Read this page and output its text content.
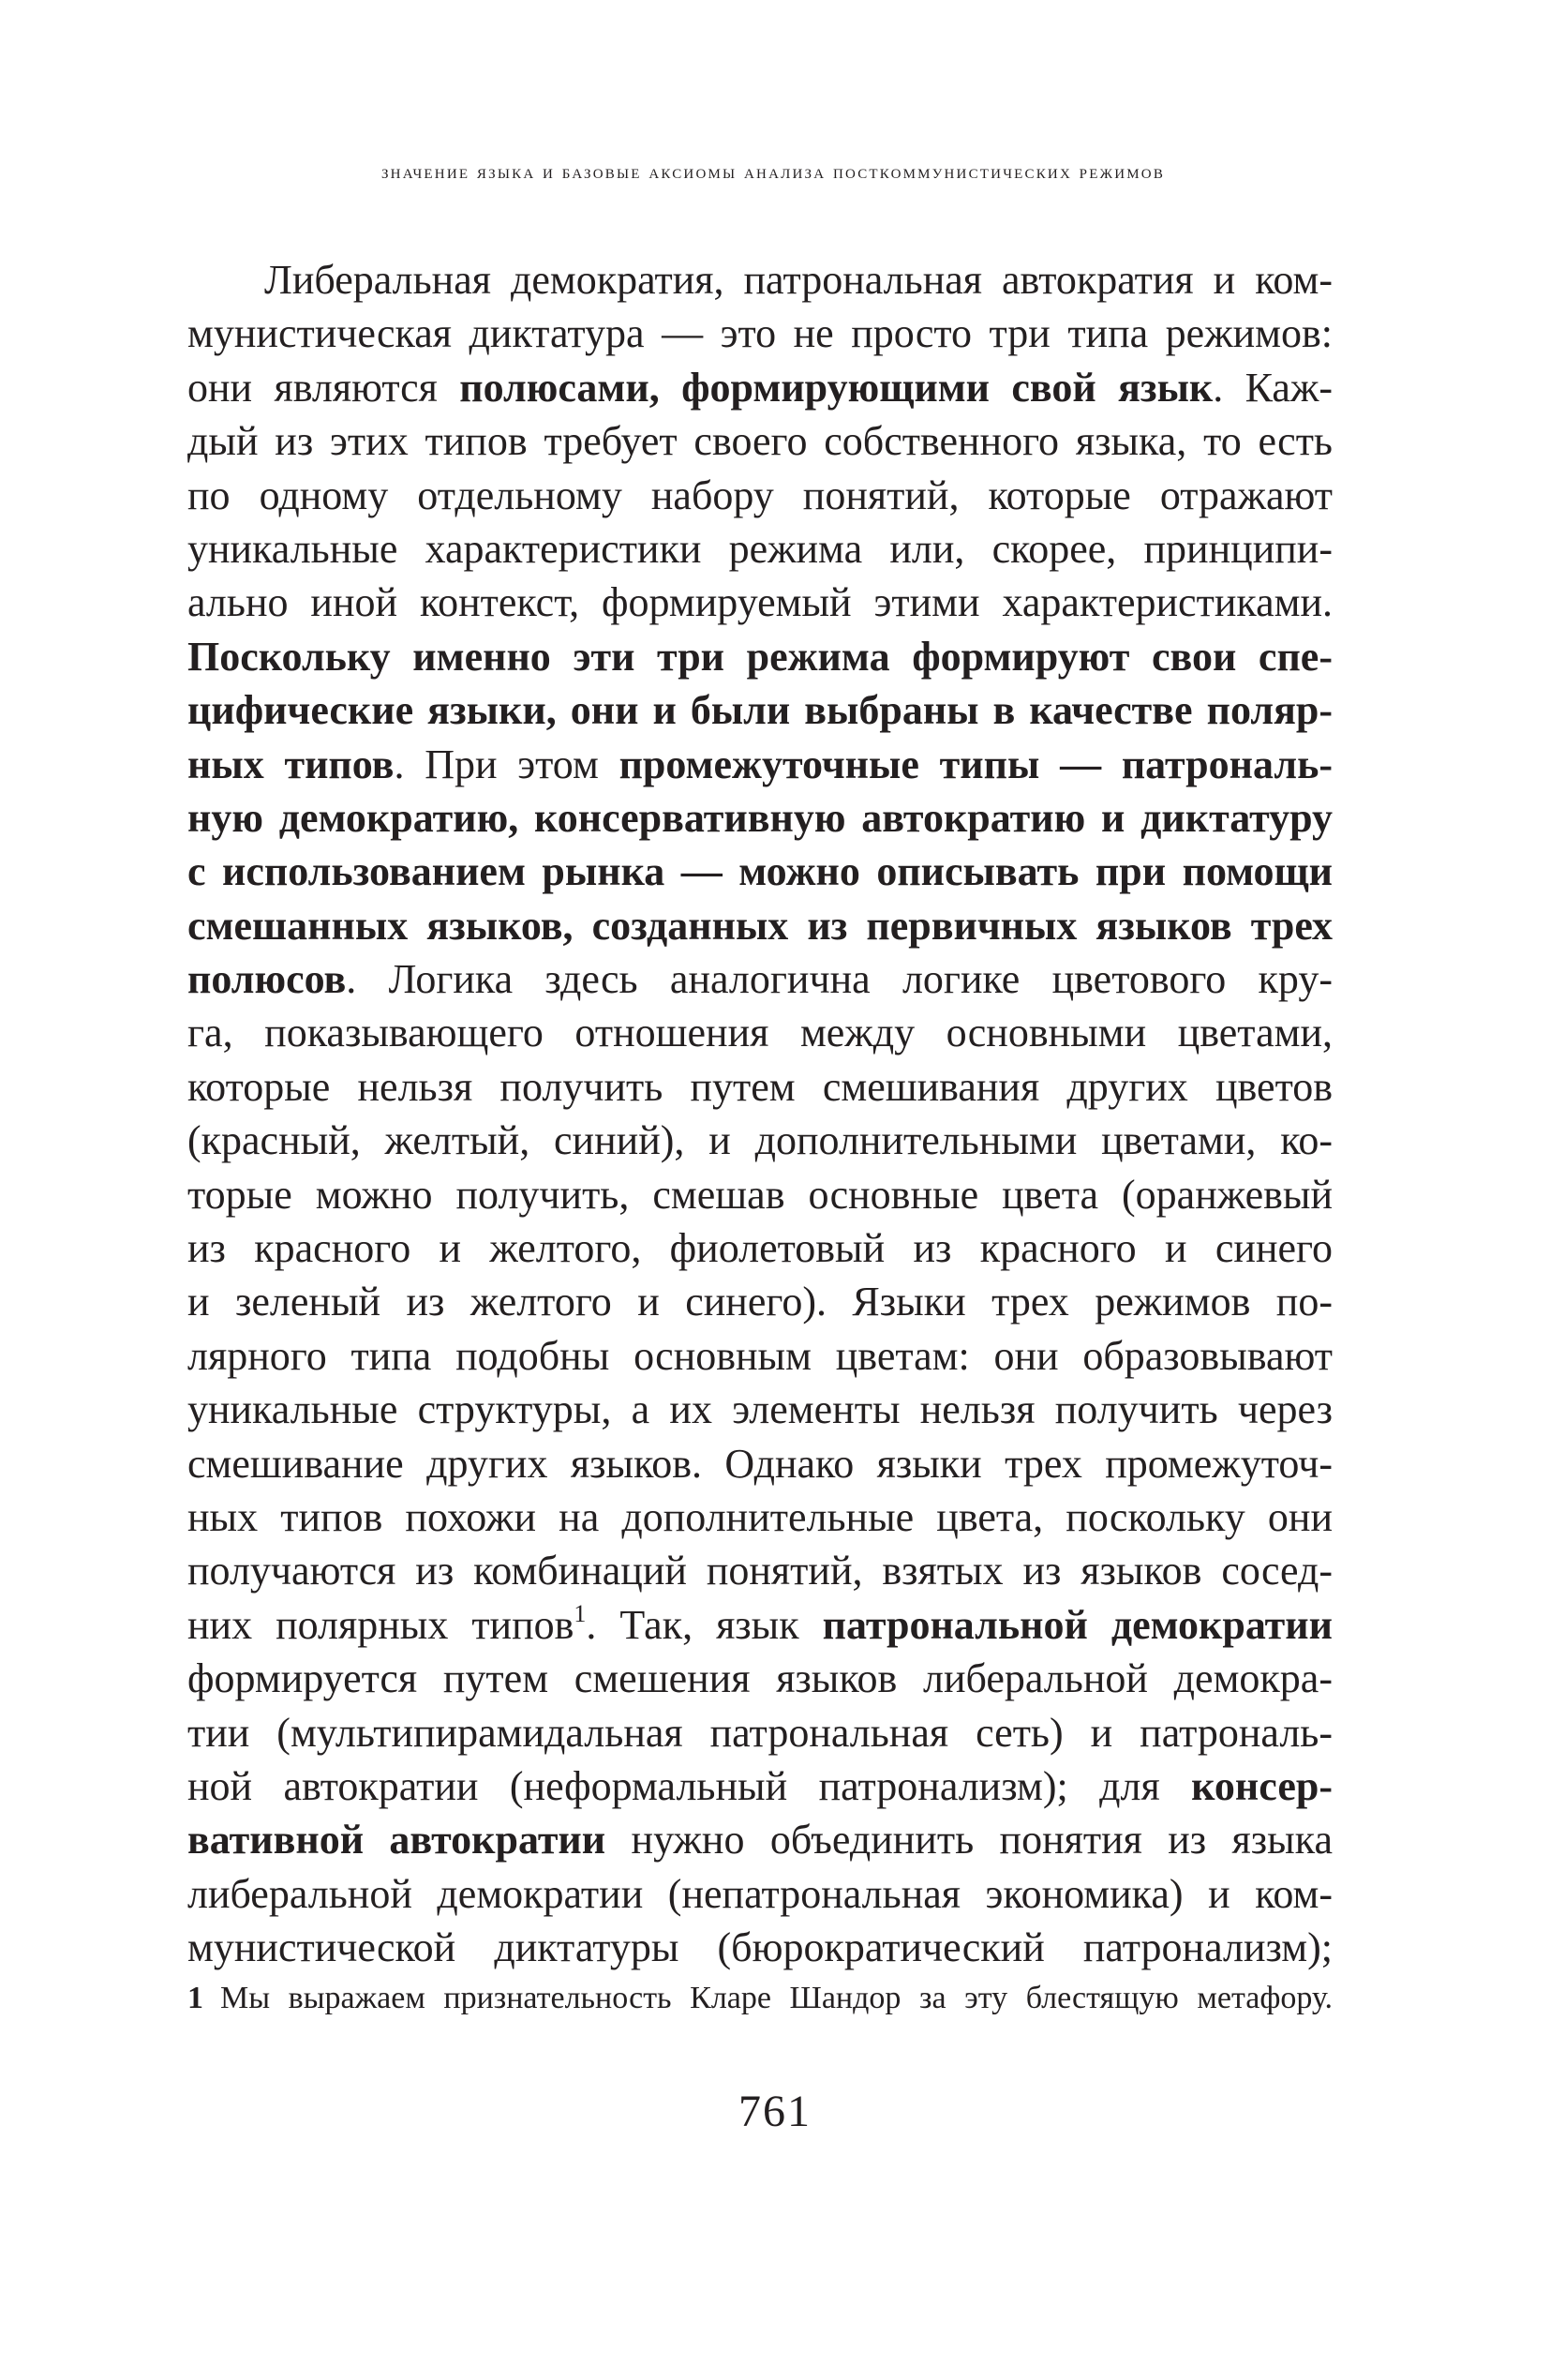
значение языка и базовые аксиомы анализа посткоммунистических режимов
Либеральная демократия, патрональная автократия и ком-
мунистическая диктатура — это не просто три типа режимов:
они являются полюсами, формирующими свой язык. Каж-
дый из этих типов требует своего собственного языка, то есть
по одному отдельному набору понятий, которые отражают
уникальные характеристики режима или, скорее, принципи-
ально иной контекст, формируемый этими характеристиками.
Поскольку именно эти три режима формируют свои спе-
цифические языки, они и были выбраны в качестве поляр-
ных типов. При этом промежуточные типы — патрональ-
ную демократию, консервативную автократию и диктатуру
с использованием рынка — можно описывать при помощи
смешанных языков, созданных из первичных языков трех
полюсов. Логика здесь аналогична логике цветового кру-
га, показывающего отношения между основными цветами,
которые нельзя получить путем смешивания других цветов
(красный, желтый, синий), и дополнительными цветами, ко-
торые можно получить, смешав основные цвета (оранжевый
из красного и желтого, фиолетовый из красного и синего
и зеленый из желтого и синего). Языки трех режимов по-
лярного типа подобны основным цветам: они образовывают
уникальные структуры, а их элементы нельзя получить через
смешивание других языков. Однако языки трех промежуточ-
ных типов похожи на дополнительные цвета, поскольку они
получаются из комбинаций понятий, взятых из языков сосед-
них полярных типов$^1$. Так, язык патрональной демократии
формируется путем смешения языков либеральной демокра-
тии (мультипирамидальная патрональная сеть) и патрональ-
ной автократии (неформальный патронализм); для консер-
вативной автократии нужно объединить понятия из языка
либеральной демократии (непатрональная экономика) и ком-
мунистической диктатуры (бюрократический патронализм);
1 Мы выражаем признательность Кларе Шандор за эту блестящую метафору.
761
